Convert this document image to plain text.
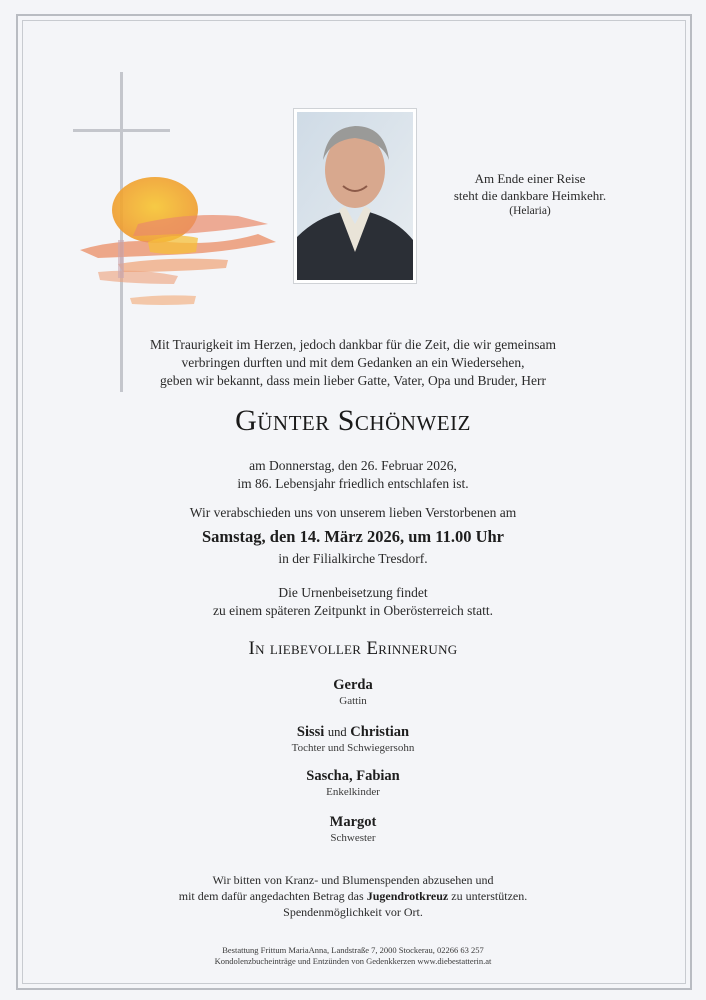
Am Ende einer Reise
steht die dankbare Heimkehr.
(Helaria)
Mit Traurigkeit im Herzen, jedoch dankbar für die Zeit, die wir gemeinsam
verbringen durften und mit dem Gedanken an ein Wiedersehen,
geben wir bekannt, dass mein lieber Gatte, Vater, Opa und Bruder, Herr
Günter Schönweiz
am Donnerstag, den 26. Februar 2026,
im 86. Lebensjahr friedlich entschlafen ist.
Wir verabschieden uns von unserem lieben Verstorbenen am
Samstag, den 14. März 2026, um 11.00 Uhr
in der Filialkirche Tresdorf.
Die Urnenbeisetzung findet
zu einem späteren Zeitpunkt in Oberösterreich statt.
In liebevoller Erinnerung
Gerda
Gattin
Sissi und Christian
Tochter und Schwiegersohn
Sascha, Fabian
Enkelkinder
Margot
Schwester
Wir bitten von Kranz- und Blumenspenden abzusehen und
mit dem dafür angedachten Betrag das Jugendrotkreuz zu unterstützen.
Spendenmöglichkeit vor Ort.
Bestattung Frittum MariaAnna, Landstraße 7, 2000 Stockerau, 02266 63 257
Kondolenzbucheinträge und Entzünden von Gedenkkerzen www.diebestatterin.at
